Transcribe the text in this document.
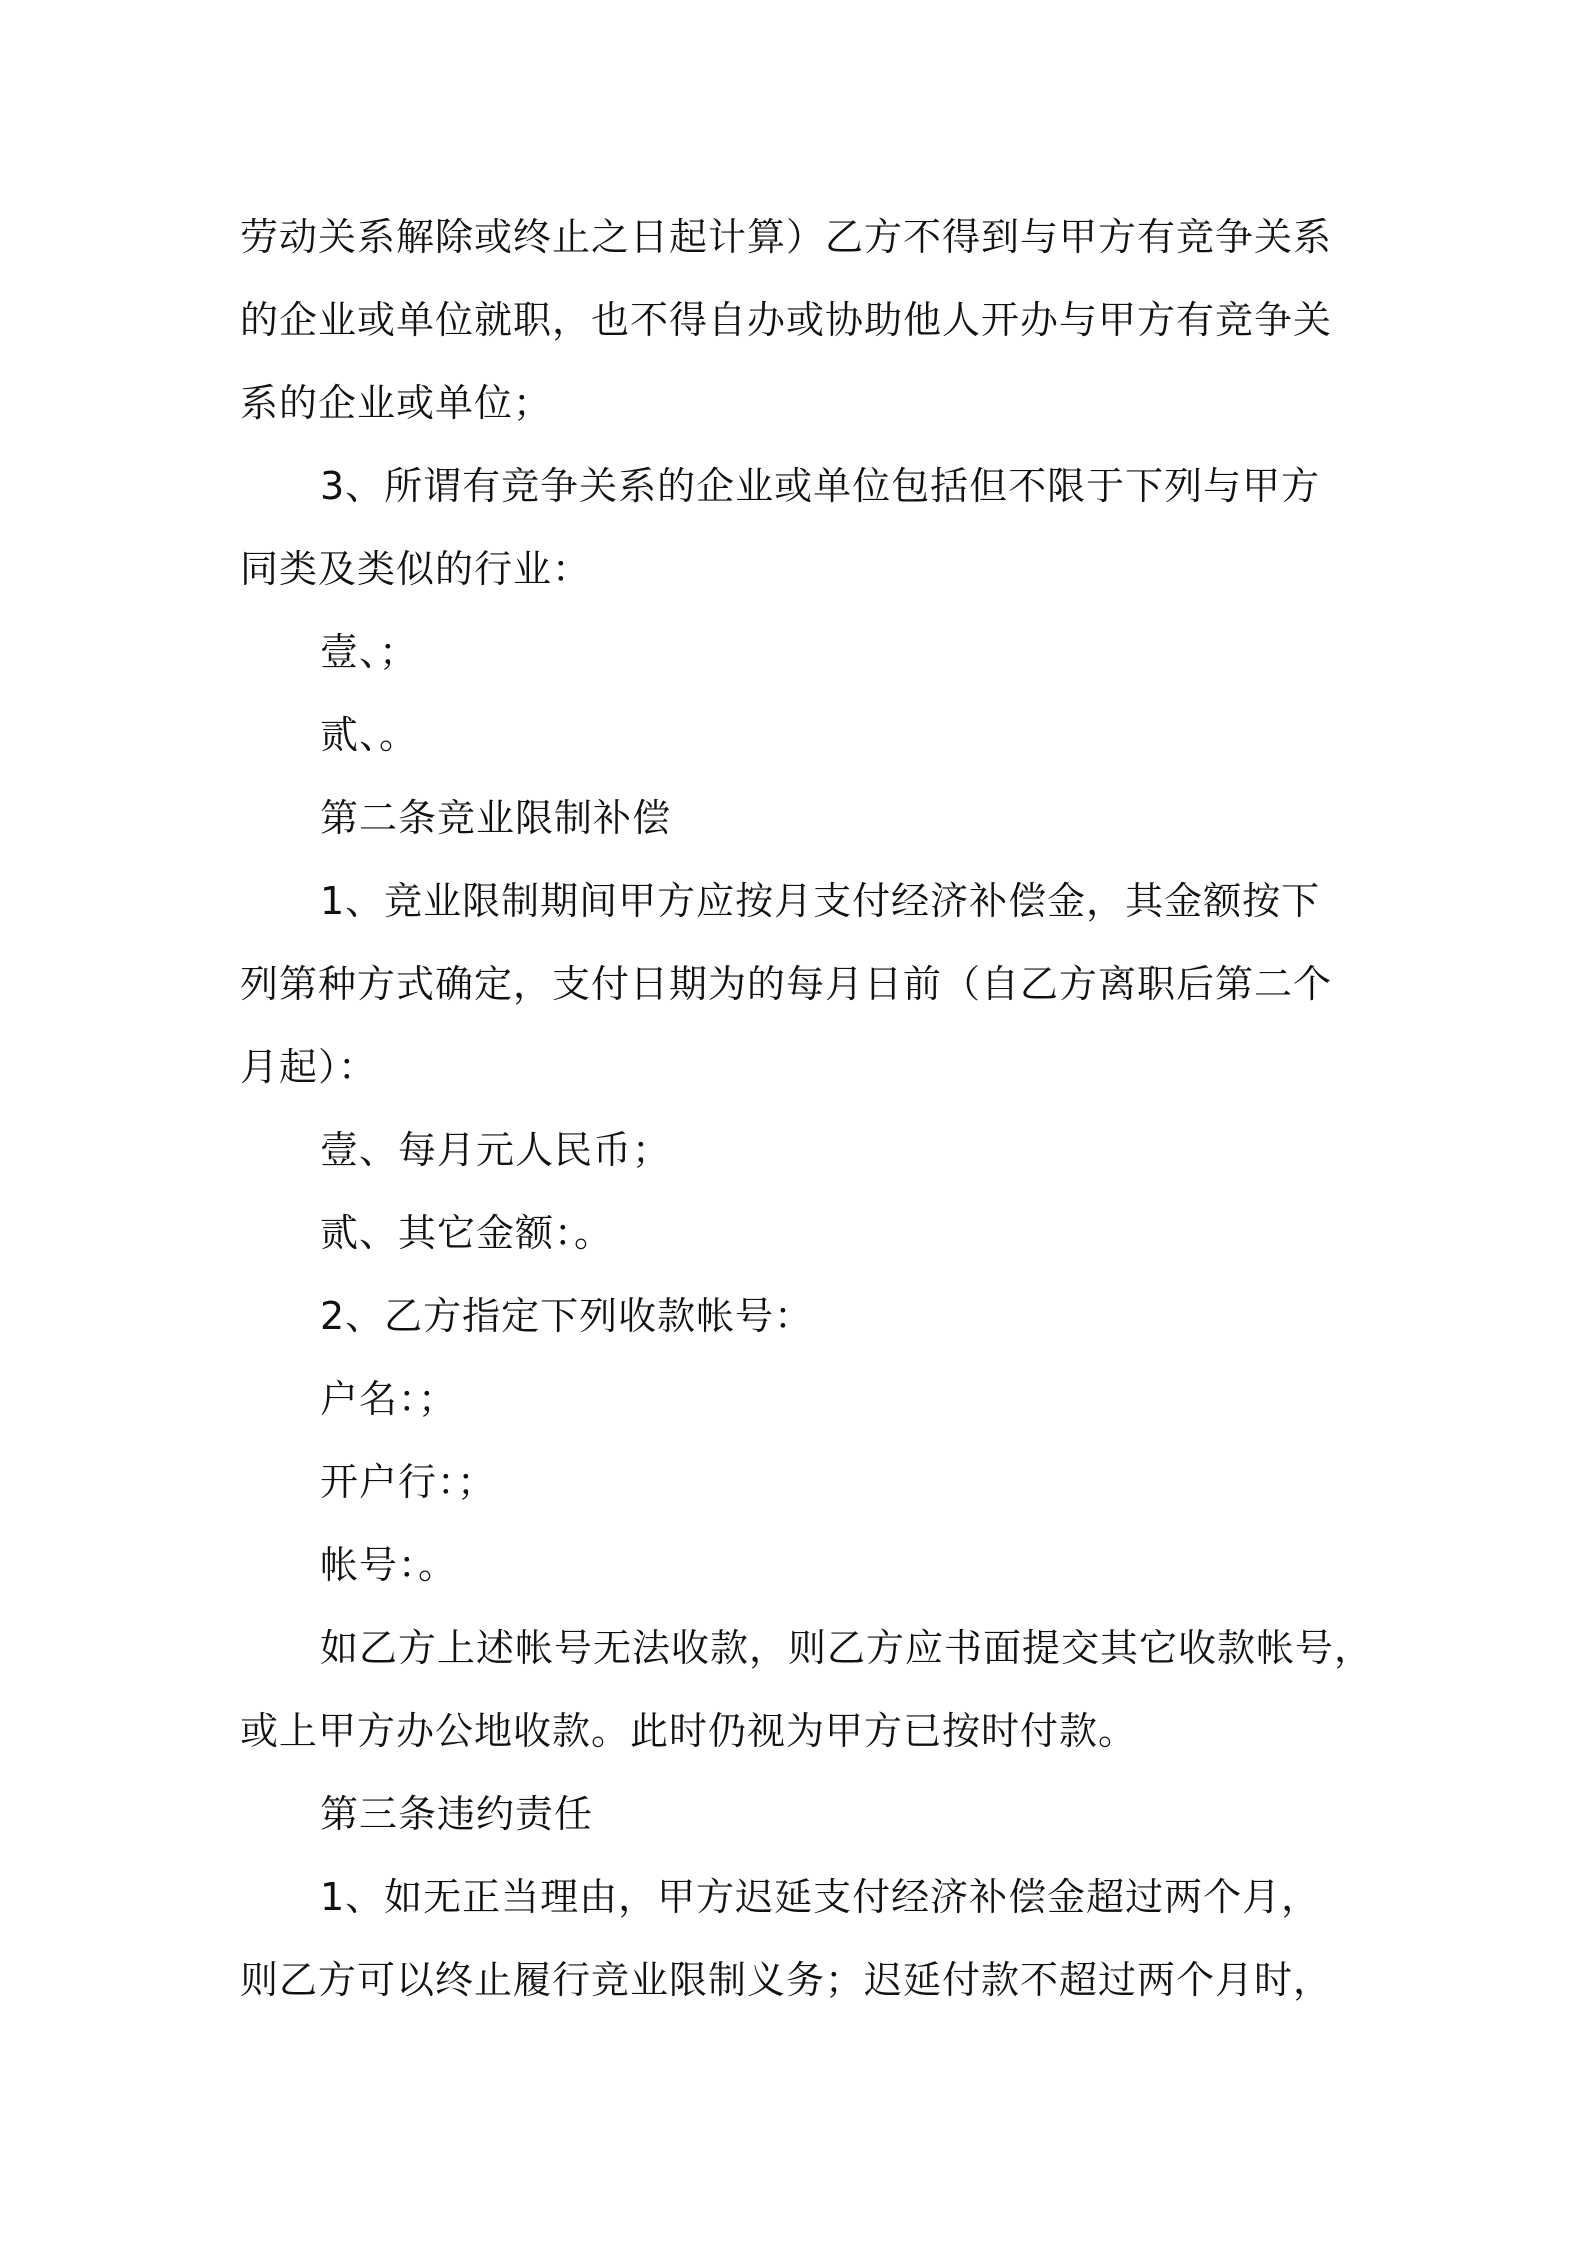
劳动关系解除或终止之日起计算）乙方不得到与甲方有竞争关系
的企业或单位就职，也不得自办或协助他人开办与甲方有竞争关
系的企业或单位；
3、所谓有竞争关系的企业或单位包括但不限于下列与甲方
同类及类似的行业：
壹、；
贰、。
第二条竞业限制补偿
1、竞业限制期间甲方应按月支付经济补偿金，其金额按下
列第种方式确定，支付日期为的每月日前（自乙方离职后第二个
月起）：
壹、每月元人民币；
贰、其它金额：。
2、乙方指定下列收款帐号：
户名：；
开户行：；
帐号：。
如乙方上述帐号无法收款，则乙方应书面提交其它收款帐号，
或上甲方办公地收款。此时仍视为甲方已按时付款。
第三条违约责任
1、如无正当理由，甲方迟延支付经济补偿金超过两个月，
则乙方可以终止履行竞业限制义务；迟延付款不超过两个月时，
